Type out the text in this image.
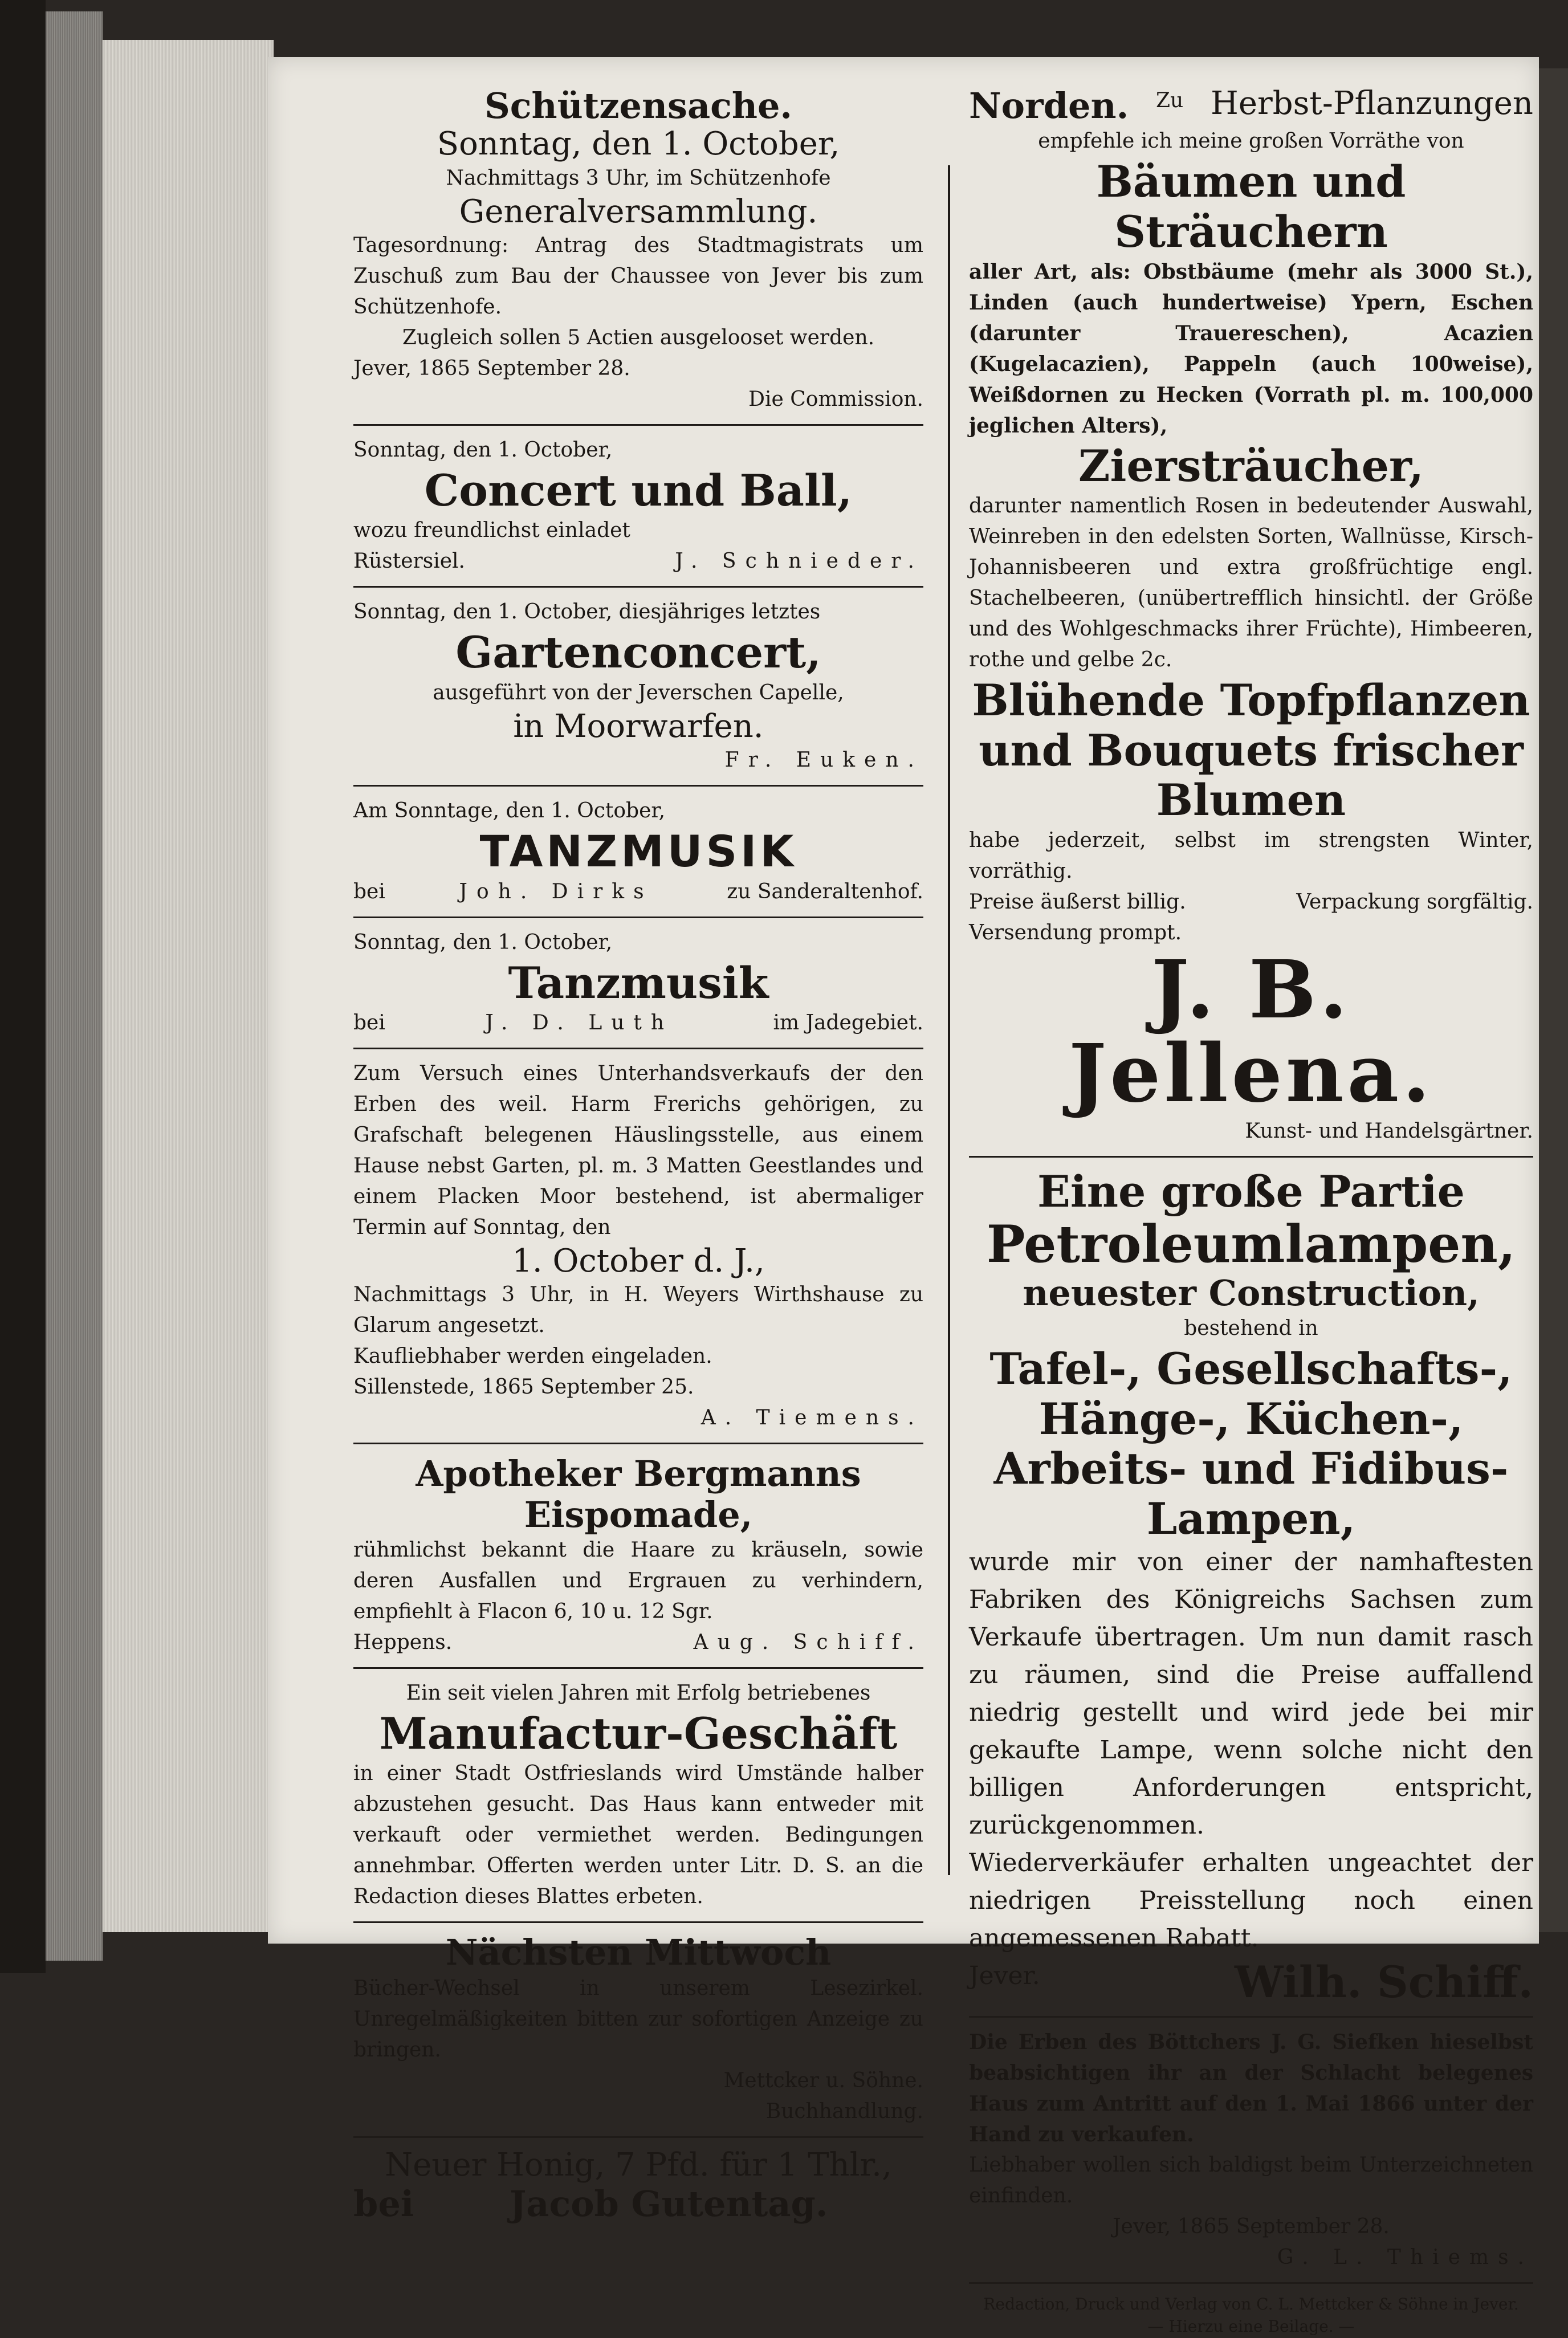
Schützensache.
Sonntag, den 1. October,
Nachmittags 3 Uhr, im Schützenhofe
Generalversammlung.
Tagesordnung: Antrag des Stadtmagistrats um Zuschuß zum Bau der Chaussee von Jever bis zum Schützenhofe.
Zugleich sollen 5 Actien ausgelooset werden.
Jever, 1865 September 28.
Die Commission.
Sonntag, den 1. October,
Concert und Ball,
wozu freundlichst einladet
Rüstersiel.	J. Schnieder.
Sonntag, den 1. October, diesjähriges letztes
Gartenconcert,
ausgeführt von der Jeverschen Capelle,
in Moorwarfen.
Fr. Euken.
Am Sonntage, den 1. October,
TANZMUSIK
bei	Joh. Dirks	zu Sanderaltenhof.
Sonntag, den 1. October,
Tanzmusik
bei	J. D. Luth	im Jadegebiet.
Zum Versuch eines Unterhandsverkaufs der den Erben des weil. Harm Frerichs gehörigen, zu Grafschaft belegenen Häuslingsstelle, aus einem Hause nebst Garten, pl. m. 3 Matten Geestlandes und einem Placken Moor bestehend, ist abermaliger Termin auf Sonntag, den
1. October d. J.,
Nachmittags 3 Uhr, in H. Weyers Wirthshause zu Glarum angesetzt.
Kaufliebhaber werden eingeladen.
Sillenstede, 1865 September 25.
A. Tiemens.
Apotheker Bergmanns Eispomade,
rühmlichst bekannt die Haare zu kräuseln, sowie deren Ausfallen und Ergrauen zu verhindern, empfiehlt à Flacon 6, 10 u. 12 Sgr.
Heppens.	Aug. Schiff.
Ein seit vielen Jahren mit Erfolg betriebenes
Manufactur-Geschäft
in einer Stadt Ostfrieslands wird Umstände halber abzustehen gesucht. Das Haus kann entweder mit verkauft oder vermiethet werden. Bedingungen annehmbar. Offerten werden unter Litr. D. S. an die Redaction dieses Blattes erbeten.
Nächsten Mittwoch
Bücher-Wechsel in unserem Lesezirkel. Unregelmäßigkeiten bitten zur sofortigen Anzeige zu bringen.
Mettcker u. Söhne.
Buchhandlung.
Neuer Honig, 7 Pfd. für 1 Thlr.,
bei	Jacob Gutentag.
Norden. Zu Herbst-Pflanzungen
empfehle ich meine großen Vorräthe von
Bäumen und Sträuchern
aller Art, als: Obstbäume (mehr als 3000 St.), Linden (auch hundertweise) Ypern, Eschen (darunter Trauereschen), Acazien (Kugelacazien), Pappeln (auch 100weise), Weißdornen zu Hecken (Vorrath pl. m. 100,000 jeglichen Alters),
Ziersträucher,
darunter namentlich Rosen in bedeutender Auswahl, Weinreben in den edelsten Sorten, Wallnüsse, Kirsch-Johannisbeeren und extra großfrüchtige engl. Stachelbeeren, (unübertrefflich hinsichtl. der Größe und des Wohlgeschmacks ihrer Früchte), Himbeeren, rothe und gelbe 2c.
Blühende Topfpflanzen und Bouquets frischer Blumen
habe jederzeit, selbst im strengsten Winter, vorräthig.
Preise äußerst billig.	Verpackung sorgfältig.
Versendung prompt.
J. B. Jellena.
Kunst- und Handelsgärtner.
Eine große Partie
Petroleumlampen,
neuester Construction,
bestehend in
Tafel-, Gesellschafts-, Hänge-, Küchen-, Arbeits- und Fidibus-Lampen,
wurde mir von einer der namhaftesten Fabriken des Königreichs Sachsen zum Verkaufe übertragen. Um nun damit rasch zu räumen, sind die Preise auffallend niedrig gestellt und wird jede bei mir gekaufte Lampe, wenn solche nicht den billigen Anforderungen entspricht, zurückgenommen.
Wiederverkäufer erhalten ungeachtet der niedrigen Preisstellung noch einen angemessenen Rabatt.
Jever.	Wilh. Schiff.
Die Erben des Böttchers J. G. Siefken hieselbst beabsichtigen ihr an der Schlacht belegenes Haus zum Antritt auf den 1. Mai 1866 unter der Hand zu verkaufen.
Liebhaber wollen sich baldigst beim Unterzeichneten einfinden.
Jever, 1865 September 28.
G. L. Thiems.
Redaction, Druck und Verlag von C. L. Mettcker & Söhne in Jever.
— Hierzu eine Beilage. —
